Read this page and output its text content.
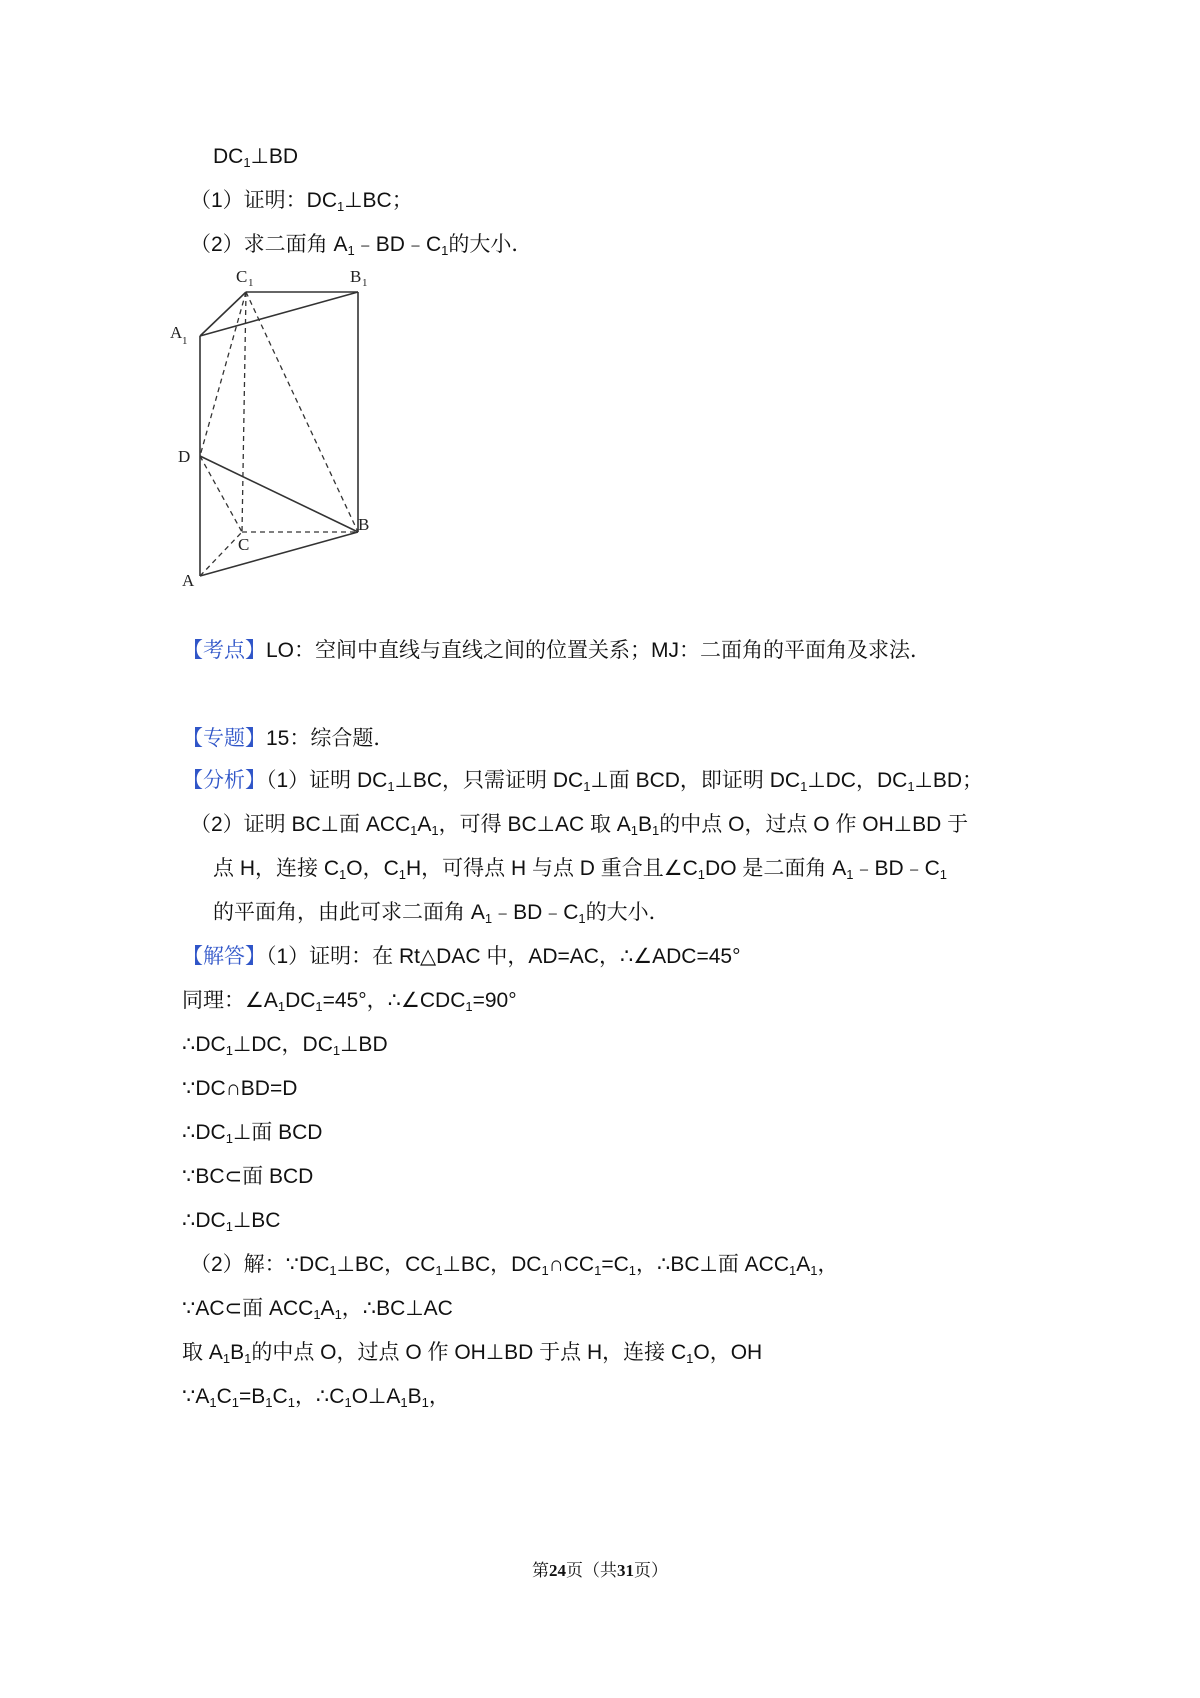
$DC_1\perp BD$
（1）证明：$DC_1\perp BC$；
（2）求二面角 $A_1﹣BD﹣C_1$的大小．
C 1	B 1
A 1
D
C
B
A
【考点】LO：空间中直线与直线之间的位置关系；MJ：二面角的平面角及求法．
【专题】15：综合题．
【分析】（1）证明 $DC_1\perp BC$，只需证明 $DC_1\perp$面 BCD，即证明 $DC_1\perp DC$，$DC_1\perp BD$；
（2）证明 BC⊥面 $ACC_1A_1$，可得 BC⊥AC 取 $A_1B_1$的中点 O，过点 O 作 OH⊥BD 于
点 H，连接 $C_1O$，$C_1H$，可得点 H 与点 D 重合且$\angle C_1DO$ 是二面角 $A_1﹣BD﹣C_1$
的平面角，由此可求二面角 $A_1﹣BD﹣C_1$的大小．
【解答】（1）证明：在 Rt△DAC 中，AD=AC，∴∠ADC=45°
同理：$\angle A_1DC_1=45^\circ$，$\therefore\angle CDC_1=90^\circ$
$\therefore DC_1\perp DC$，$DC_1\perp BD$
∵DC∩BD=D
$\therefore DC_1\perp$面 BCD
∵BC⊂面 BCD
$\therefore DC_1\perp BC$
（2）解：$\because DC_1\perp BC$，$CC_1\perp BC$，$DC_1\cap CC_1=C_1$，∴BC⊥面 $ACC_1A_1$，
∵AC⊂面 $ACC_1A_1$，∴BC⊥AC
取 $A_1B_1$的中点 O，过点 O 作 OH⊥BD 于点 H，连接 $C_1O$，OH
$\because A_1C_1=B_1C_1$，$\therefore C_1O\perp A_1B_1$，
第24页（共31页）
